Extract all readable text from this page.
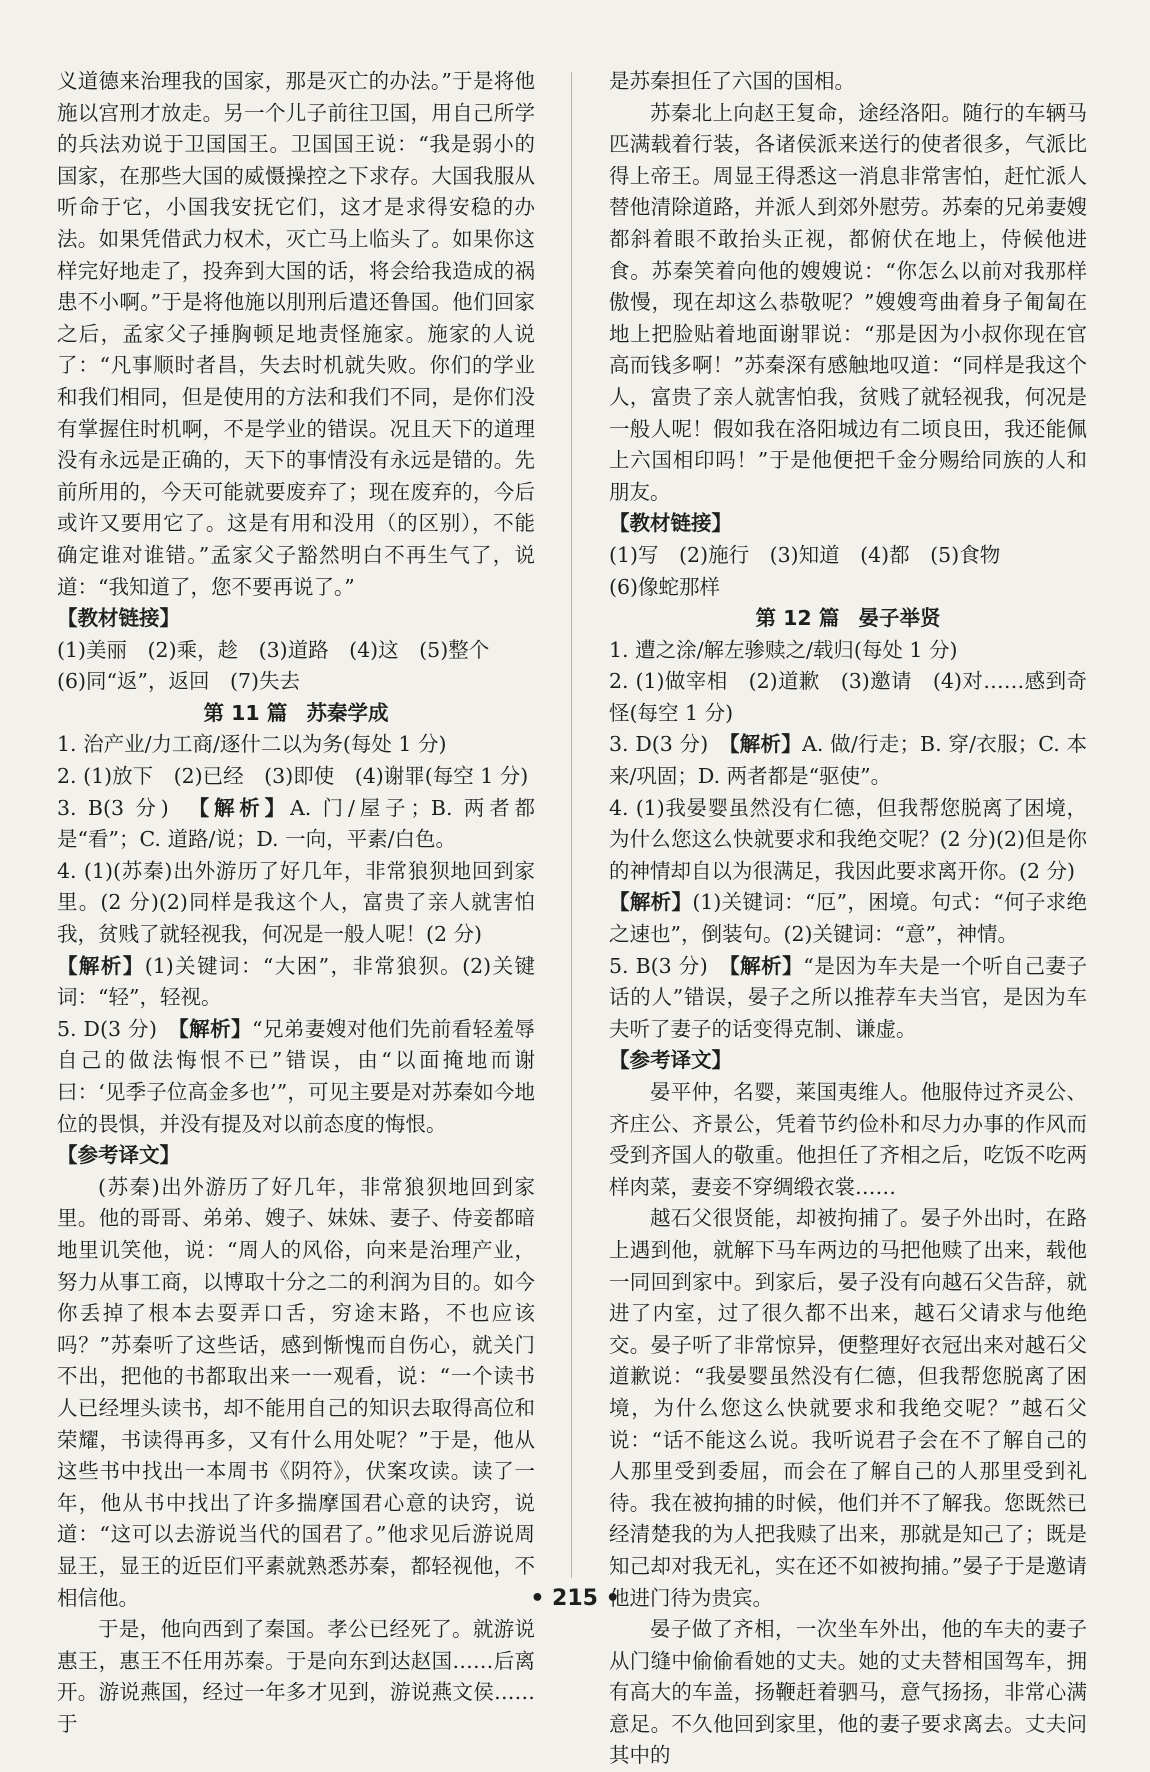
义道德来治理我的国家，那是灭亡的办法。”于是将他施以宫刑才放走。另一个儿子前往卫国，用自己所学的兵法劝说于卫国国王。卫国国王说：“我是弱小的国家，在那些大国的威慑操控之下求存。大国我服从听命于它，小国我安抚它们，这才是求得安稳的办法。如果凭借武力权术，灭亡马上临头了。如果你这样完好地走了，投奔到大国的话，将会给我造成的祸患不小啊。”于是将他施以刖刑后遣还鲁国。他们回家之后，孟家父子捶胸顿足地责怪施家。施家的人说了：“凡事顺时者昌，失去时机就失败。你们的学业和我们相同，但是使用的方法和我们不同，是你们没有掌握住时机啊，不是学业的错误。况且天下的道理没有永远是正确的，天下的事情没有永远是错的。先前所用的，今天可能就要废弃了；现在废弃的，今后或许又要用它了。这是有用和没用（的区别），不能确定谁对谁错。”孟家父子豁然明白不再生气了，说道：“我知道了，您不要再说了。”

【教材链接】

(1)美丽　(2)乘，趁　(3)道路　(4)这　(5)整个

(6)同“返”，返回　(7)失去

第 11 篇 苏秦学成

1. 治产业/力工商/逐什二以为务(每处 1 分)

2. (1)放下　(2)已经　(3)即使　(4)谢罪(每空 1 分)

3. B(3 分)　【解析】A. 门/屋子；B. 两者都是“看”；C. 道路/说；D. 一向，平素/白色。

4. (1)(苏秦)出外游历了好几年，非常狼狈地回到家里。(2 分)(2)同样是我这个人，富贵了亲人就害怕我，贫贱了就轻视我，何况是一般人呢！(2 分)

【解析】(1)关键词：“大困”，非常狼狈。(2)关键词：“轻”，轻视。

5. D(3 分)　【解析】“兄弟妻嫂对他们先前看轻羞辱自己的做法悔恨不已”错误，由“以面掩地而谢曰：‘见季子位高金多也’”，可见主要是对苏秦如今地位的畏惧，并没有提及对以前态度的悔恨。

【参考译文】

(苏秦)出外游历了好几年，非常狼狈地回到家里。他的哥哥、弟弟、嫂子、妹妹、妻子、侍妾都暗地里讥笑他，说：“周人的风俗，向来是治理产业，努力从事工商，以博取十分之二的利润为目的。如今你丢掉了根本去耍弄口舌，穷途末路，不也应该吗？”苏秦听了这些话，感到惭愧而自伤心，就关门不出，把他的书都取出来一一观看，说：“一个读书人已经埋头读书，却不能用自己的知识去取得高位和荣耀，书读得再多，又有什么用处呢？”于是，他从这些书中找出一本周书《阴符》，伏案攻读。读了一年，他从书中找出了许多揣摩国君心意的诀窍，说道：“这可以去游说当代的国君了。”他求见后游说周显王，显王的近臣们平素就熟悉苏秦，都轻视他，不相信他。

于是，他向西到了秦国。孝公已经死了。就游说惠王，惠王不任用苏秦。于是向东到达赵国……后离开。游说燕国，经过一年多才见到，游说燕文侯……于

是苏秦担任了六国的国相。

苏秦北上向赵王复命，途经洛阳。随行的车辆马匹满载着行装，各诸侯派来送行的使者很多，气派比得上帝王。周显王得悉这一消息非常害怕，赶忙派人替他清除道路，并派人到郊外慰劳。苏秦的兄弟妻嫂都斜着眼不敢抬头正视，都俯伏在地上，侍候他进食。苏秦笑着向他的嫂嫂说：“你怎么以前对我那样傲慢，现在却这么恭敬呢？”嫂嫂弯曲着身子匍匐在地上把脸贴着地面谢罪说：“那是因为小叔你现在官高而钱多啊！”苏秦深有感触地叹道：“同样是我这个人，富贵了亲人就害怕我，贫贱了就轻视我，何况是一般人呢！假如我在洛阳城边有二顷良田，我还能佩上六国相印吗！”于是他便把千金分赐给同族的人和朋友。

【教材链接】

(1)写　(2)施行　(3)知道　(4)都　(5)食物

(6)像蛇那样

第 12 篇 晏子举贤

1. 遭之涂/解左骖赎之/载归(每处 1 分)

2. (1)做宰相　(2)道歉　(3)邀请　(4)对……感到奇怪(每空 1 分)

3. D(3 分)　【解析】A. 做/行走；B. 穿/衣服；C. 本来/巩固；D. 两者都是“驱使”。

4. (1)我晏婴虽然没有仁德，但我帮您脱离了困境，为什么您这么快就要求和我绝交呢？(2 分)(2)但是你的神情却自以为很满足，我因此要求离开你。(2 分)

【解析】(1)关键词：“厄”，困境。句式：“何子求绝之速也”，倒装句。(2)关键词：“意”，神情。

5. B(3 分)　【解析】“是因为车夫是一个听自己妻子话的人”错误，晏子之所以推荐车夫当官，是因为车夫听了妻子的话变得克制、谦虚。

【参考译文】

晏平仲，名婴，莱国夷维人。他服侍过齐灵公、齐庄公、齐景公，凭着节约俭朴和尽力办事的作风而受到齐国人的敬重。他担任了齐相之后，吃饭不吃两样肉菜，妻妾不穿绸缎衣裳……

越石父很贤能，却被拘捕了。晏子外出时，在路上遇到他，就解下马车两边的马把他赎了出来，载他一同回到家中。到家后，晏子没有向越石父告辞，就进了内室，过了很久都不出来，越石父请求与他绝交。晏子听了非常惊异，便整理好衣冠出来对越石父道歉说：“我晏婴虽然没有仁德，但我帮您脱离了困境，为什么您这么快就要求和我绝交呢？”越石父说：“话不能这么说。我听说君子会在不了解自己的人那里受到委屈，而会在了解自己的人那里受到礼待。我在被拘捕的时候，他们并不了解我。您既然已经清楚我的为人把我赎了出来，那就是知己了；既是知己却对我无礼，实在还不如被拘捕。”晏子于是邀请他进门待为贵宾。

晏子做了齐相，一次坐车外出，他的车夫的妻子从门缝中偷偷看她的丈夫。她的丈夫替相国驾车，拥有高大的车盖，扬鞭赶着驷马，意气扬扬，非常心满意足。不久他回到家里，他的妻子要求离去。丈夫问其中的

• 215 •
